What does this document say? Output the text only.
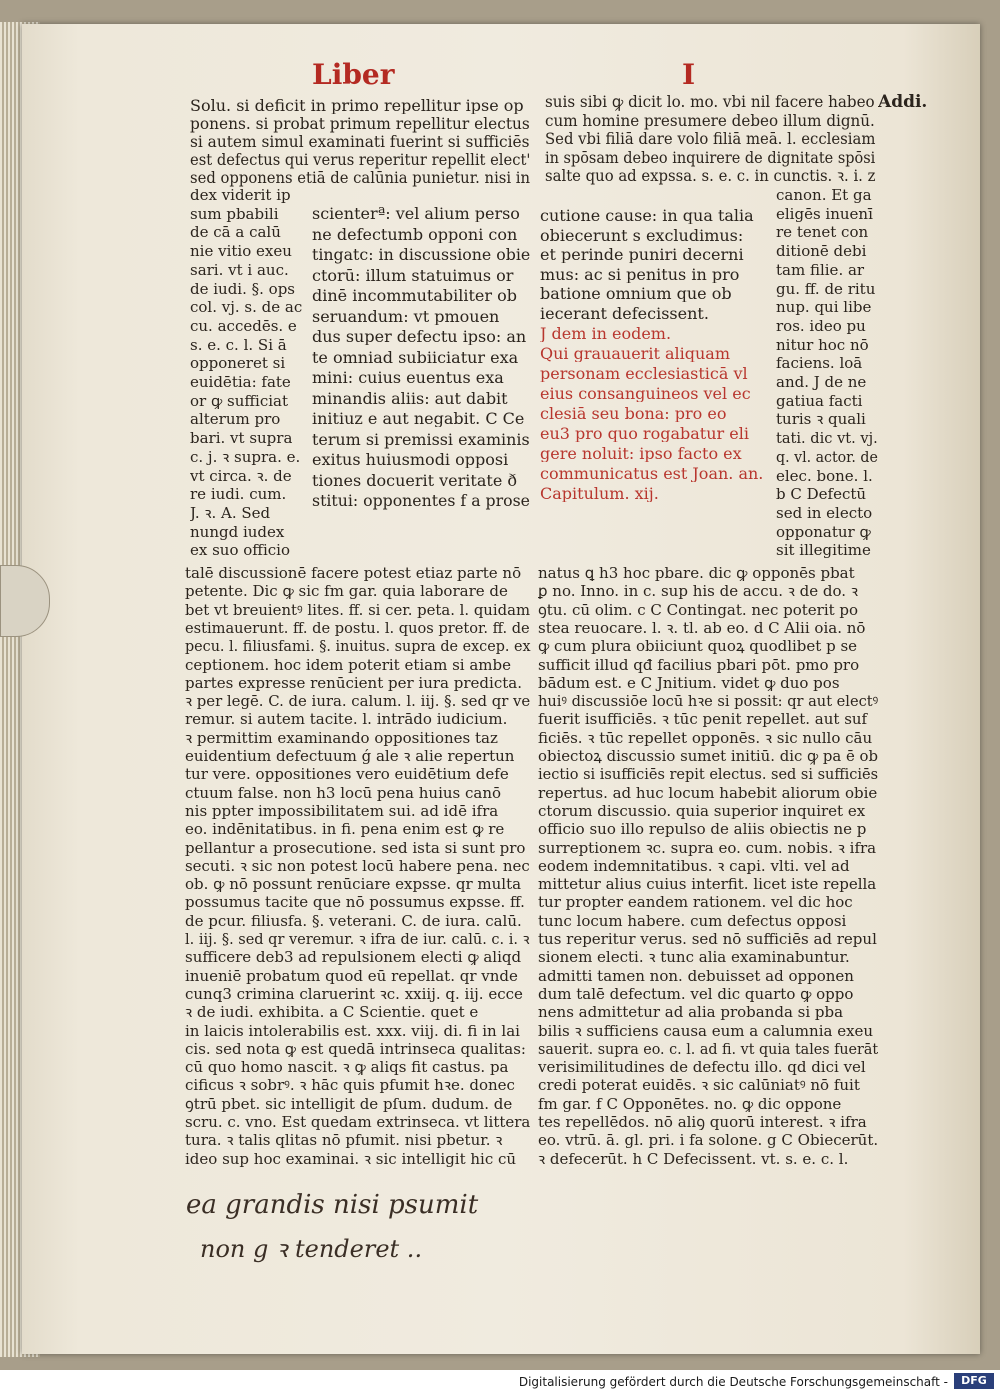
Liber	I
Addi.
Solu. si deficit in primo repellitur ipse op
ponens. si probat primum repellitur electus
si autem simul examinati fuerint si sufficiēs
est defectus qui verus reperitur repellit elect'
sed opponens etiā de calūnia punietur. nisi in
dex viderit ip
sum pbabili
de cā a calū
nie vitio exeu
sari. vt i auc.
de iudi. §. ops
col. vj. s. de ac
cu. accedēs. e
s. e. c. l. Si ā
opponeret si
euidētia: fate
or ꝙ sufficiat
alterum pro
bari. vt supra
c. j. ꝛ supra. e.
vt circa. ꝛ. de
re iudi. cum.
J. ꝛ. A. Sed
nungd iudex
ex suo officio
scienterª: vel alium perso
ne defectumb opponi con
tingatc: in discussione obie
ctorū: illum statuimus or
dinē incommutabiliter ob
seruandum: vt pmouen
dus super defectu ipso: an
te omniad subiiciatur exa
mini: cuius euentus exa
minandis aliis: aut dabit
initiuz e aut negabit. C Ce
terum si premissi examinis
exitus huiusmodi opposi
tiones docuerit veritate ð
stitui: opponentes f a prose
suis sibi ꝙ dicit lo. mo. vbi nil facere habeo
cum homine presumere debeo illum dignū.
Sed vbi filiā dare volo filiā meā. l. ecclesiam
in spōsam debeo inquirere de dignitate spōsi
salte quo ad expssa. s. e. c. in cunctis. ꝛ. i. z
cutione cause: in qua talia
obiecerunt s excludimus:
et perinde puniri decerni
mus: ac si penitus in pro
batione omnium que ob
iecerant defecissent.
J dem in eodem.
Qui grauauerit aliquam
personam ecclesiasticā vl
eius consanguineos vel ec
clesiā seu bona: pro eo
eu3 pro quo rogabatur eli
gere noluit: ipso facto ex
communicatus est Joan. an.
Capitulum. xij.
canon. Et ga
eligēs inuenī
re tenet con
ditionē debi
tam filie. ar
gu. ff. de ritu
nup. qui libe
ros. ideo pu
nitur hoc nō
faciens. loā
and. J de ne
gatiua facti
turis ꝛ quali
tati. dic vt. vj.
q. vl. actor. de
elec. bone. l.
b C Defectū
sed in electo
opponatur ꝙ
sit illegitime
talē discussionē facere potest etiaz parte nō
petente. Dic ꝙ sic fm gar. quia laborare de
bet vt breuientꝰ lites. ff. si cer. peta. l. quidam
estimauerunt. ff. de postu. l. quos pretor. ff. de
pecu. l. filiusfami. §. inuitus. supra de excep. ex
ceptionem. hoc idem poterit etiam si ambe
partes expresse renūcient per iura predicta.
ꝛ per legē. C. de iura. calum. l. iij. §. sed qr ve
remur. si autem tacite. l. intrādo iudicium.
ꝛ permittim examinando oppositiones taz
euidentium defectuum ǵ ale ꝛ alie repertun
tur vere. oppositiones vero euidētium defe
ctuum false. non h3 locū pena huius canō
nis ppter impossibilitatem sui. ad idē ifra
eo. indēnitatibus. in fi. pena enim est ꝙ re
pellantur a prosecutione. sed ista si sunt pro
secuti. ꝛ sic non potest locū habere pena. nec
ob. ꝙ nō possunt renūciare expsse. qr multa
possumus tacite que nō possumus expsse. ff.
de pcur. filiusfa. §. veterani. C. de iura. calū.
l. iij. §. sed qr veremur. ꝛ ifra de iur. calū. c. i. ꝛ
sufficere deb3 ad repulsionem electi ꝙ aliqd
inueniē probatum quod eū repellat. qr vnde
cunq3 crimina claruerint ꝛc. xxiij. q. iij. ecce
ꝛ de iudi. exhibita. a C Scientie. quet e
in laicis intolerabilis est. xxx. viij. di. fi in lai
cis. sed nota ꝙ est quedā intrinseca qualitas:
cū quo homo nascit. ꝛ ꝙ aliqs fit castus. pa
cificus ꝛ sobrꝰ. ꝛ hāc quis pfumit hꝛe. donec
ꝯtrū pbet. sic intelligit de pſum. dudum. de
scru. c. vno. Est quedam extrinseca. vt littera
tura. ꝛ talis qlitas nō pfumit. nisi pbetur. ꝛ
ideo sup hoc examinai. ꝛ sic intelligit hic cū
natus ꝗ h3 hoc pbare. dic ꝙ opponēs pbat
ꝑ no. Inno. in c. sup his de accu. ꝛ de do. ꝛ
ꝯtu. cū olim. c C Contingat. nec poterit po
stea reuocare. l. ꝛ. tl. ab eo. d C Alii oia. nō
ꝙ cum plura obiiciunt quoꝝ quodlibet p se
sufficit illud qđ facilius pbari pōt. pmo pro
bādum est. e C Jnitium. videt ꝙ duo pos
huiꝰ discussiōe locū hꝛe si possit: qr aut electꝰ
fuerit isufficiēs. ꝛ tūc penit repellet. aut suf
ficiēs. ꝛ tūc repellet opponēs. ꝛ sic nullo cāu
obiectoꝝ discussio sumet initiū. dic ꝙ pa ē ob
iectio si isufficiēs repit electus. sed si sufficiēs
repertus. ad huc locum habebit aliorum obie
ctorum discussio. quia superior inquiret ex
officio suo illo repulso de aliis obiectis ne p
surreptionem ꝛc. supra eo. cum. nobis. ꝛ ifra
eodem indemnitatibus. ꝛ capi. vlti. vel ad
mittetur alius cuius interfit. licet iste repella
tur propter eandem rationem. vel dic hoc
tunc locum habere. cum defectus opposi
tus reperitur verus. sed nō sufficiēs ad repul
sionem electi. ꝛ tunc alia examinabuntur.
admitti tamen non. debuisset ad opponen
dum talē defectum. vel dic quarto ꝙ oppo
nens admittetur ad alia probanda si pba
bilis ꝛ sufficiens causa eum a calumnia exeu
sauerit. supra eo. c. l. ad fi. vt quia tales fuerāt
verisimilitudines de defectu illo. qd dici vel
credi poterat euidēs. ꝛ sic calūniatꝰ nō fuit
fm gar. f C Opponētes. no. ꝙ dic oppone
tes repellēdos. nō aliꝯ quorū interest. ꝛ ifra
eo. vtrū. ā. gl. pri. i fa solone. g C Obiecerūt.
ꝛ defecerūt. h C Defecissent. vt. s. e. c. l.
ea grandis nisi psumit
non g ꝛ tenderet ..
Digitalisierung gefördert durch die Deutsche Forschungsgemeinschaft -	DFG
